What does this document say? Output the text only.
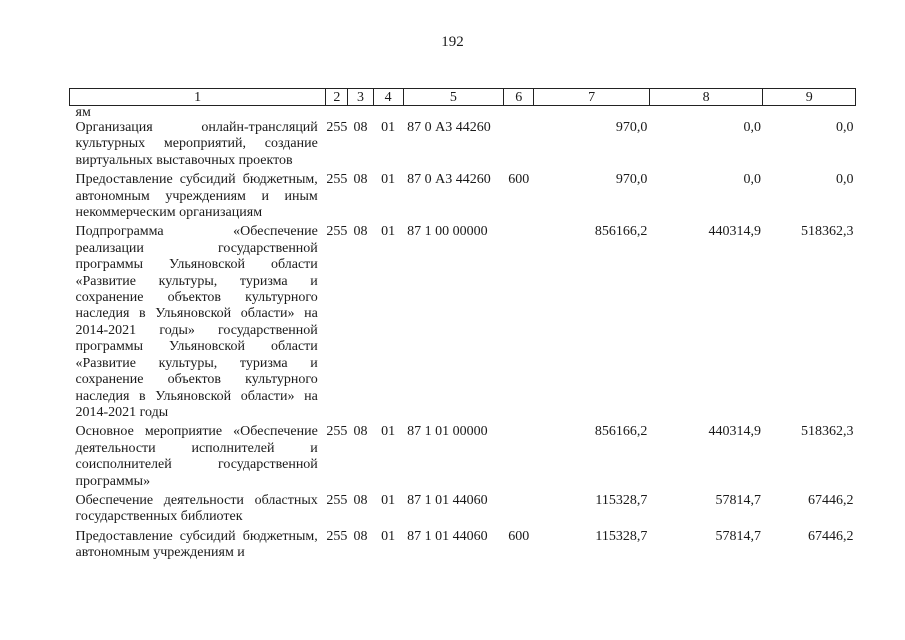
192
1	2	3	4	5	6	7	8	9
ям								
Организация онлайн-трансляций культурных мероприятий, создание виртуальных выставочных проектов	255	08	01	87 0 А3 44260		970,0	0,0	0,0
Предоставление субсидий бюджетным, автономным учреждениям и иным некоммерческим организациям	255	08	01	87 0 А3 44260	600	970,0	0,0	0,0
Подпрограмма «Обеспечение реализации государственной программы Ульяновской области «Развитие культуры, туризма и сохранение объектов культурного наследия в Ульяновской области» на 2014-2021 годы» государственной программы Ульяновской области «Развитие культуры, туризма и сохранение объектов культурного наследия в Ульяновской области» на 2014-2021 годы	255	08	01	87 1 00 00000		856166,2	440314,9	518362,3
Основное мероприятие «Обеспечение деятельности исполнителей и соисполнителей государственной программы»	255	08	01	87 1 01 00000		856166,2	440314,9	518362,3
Обеспечение деятельности областных государственных библиотек	255	08	01	87 1 01 44060		115328,7	57814,7	67446,2
Предоставление субсидий бюджетным, автономным учреждениям и	255	08	01	87 1 01 44060	600	115328,7	57814,7	67446,2
